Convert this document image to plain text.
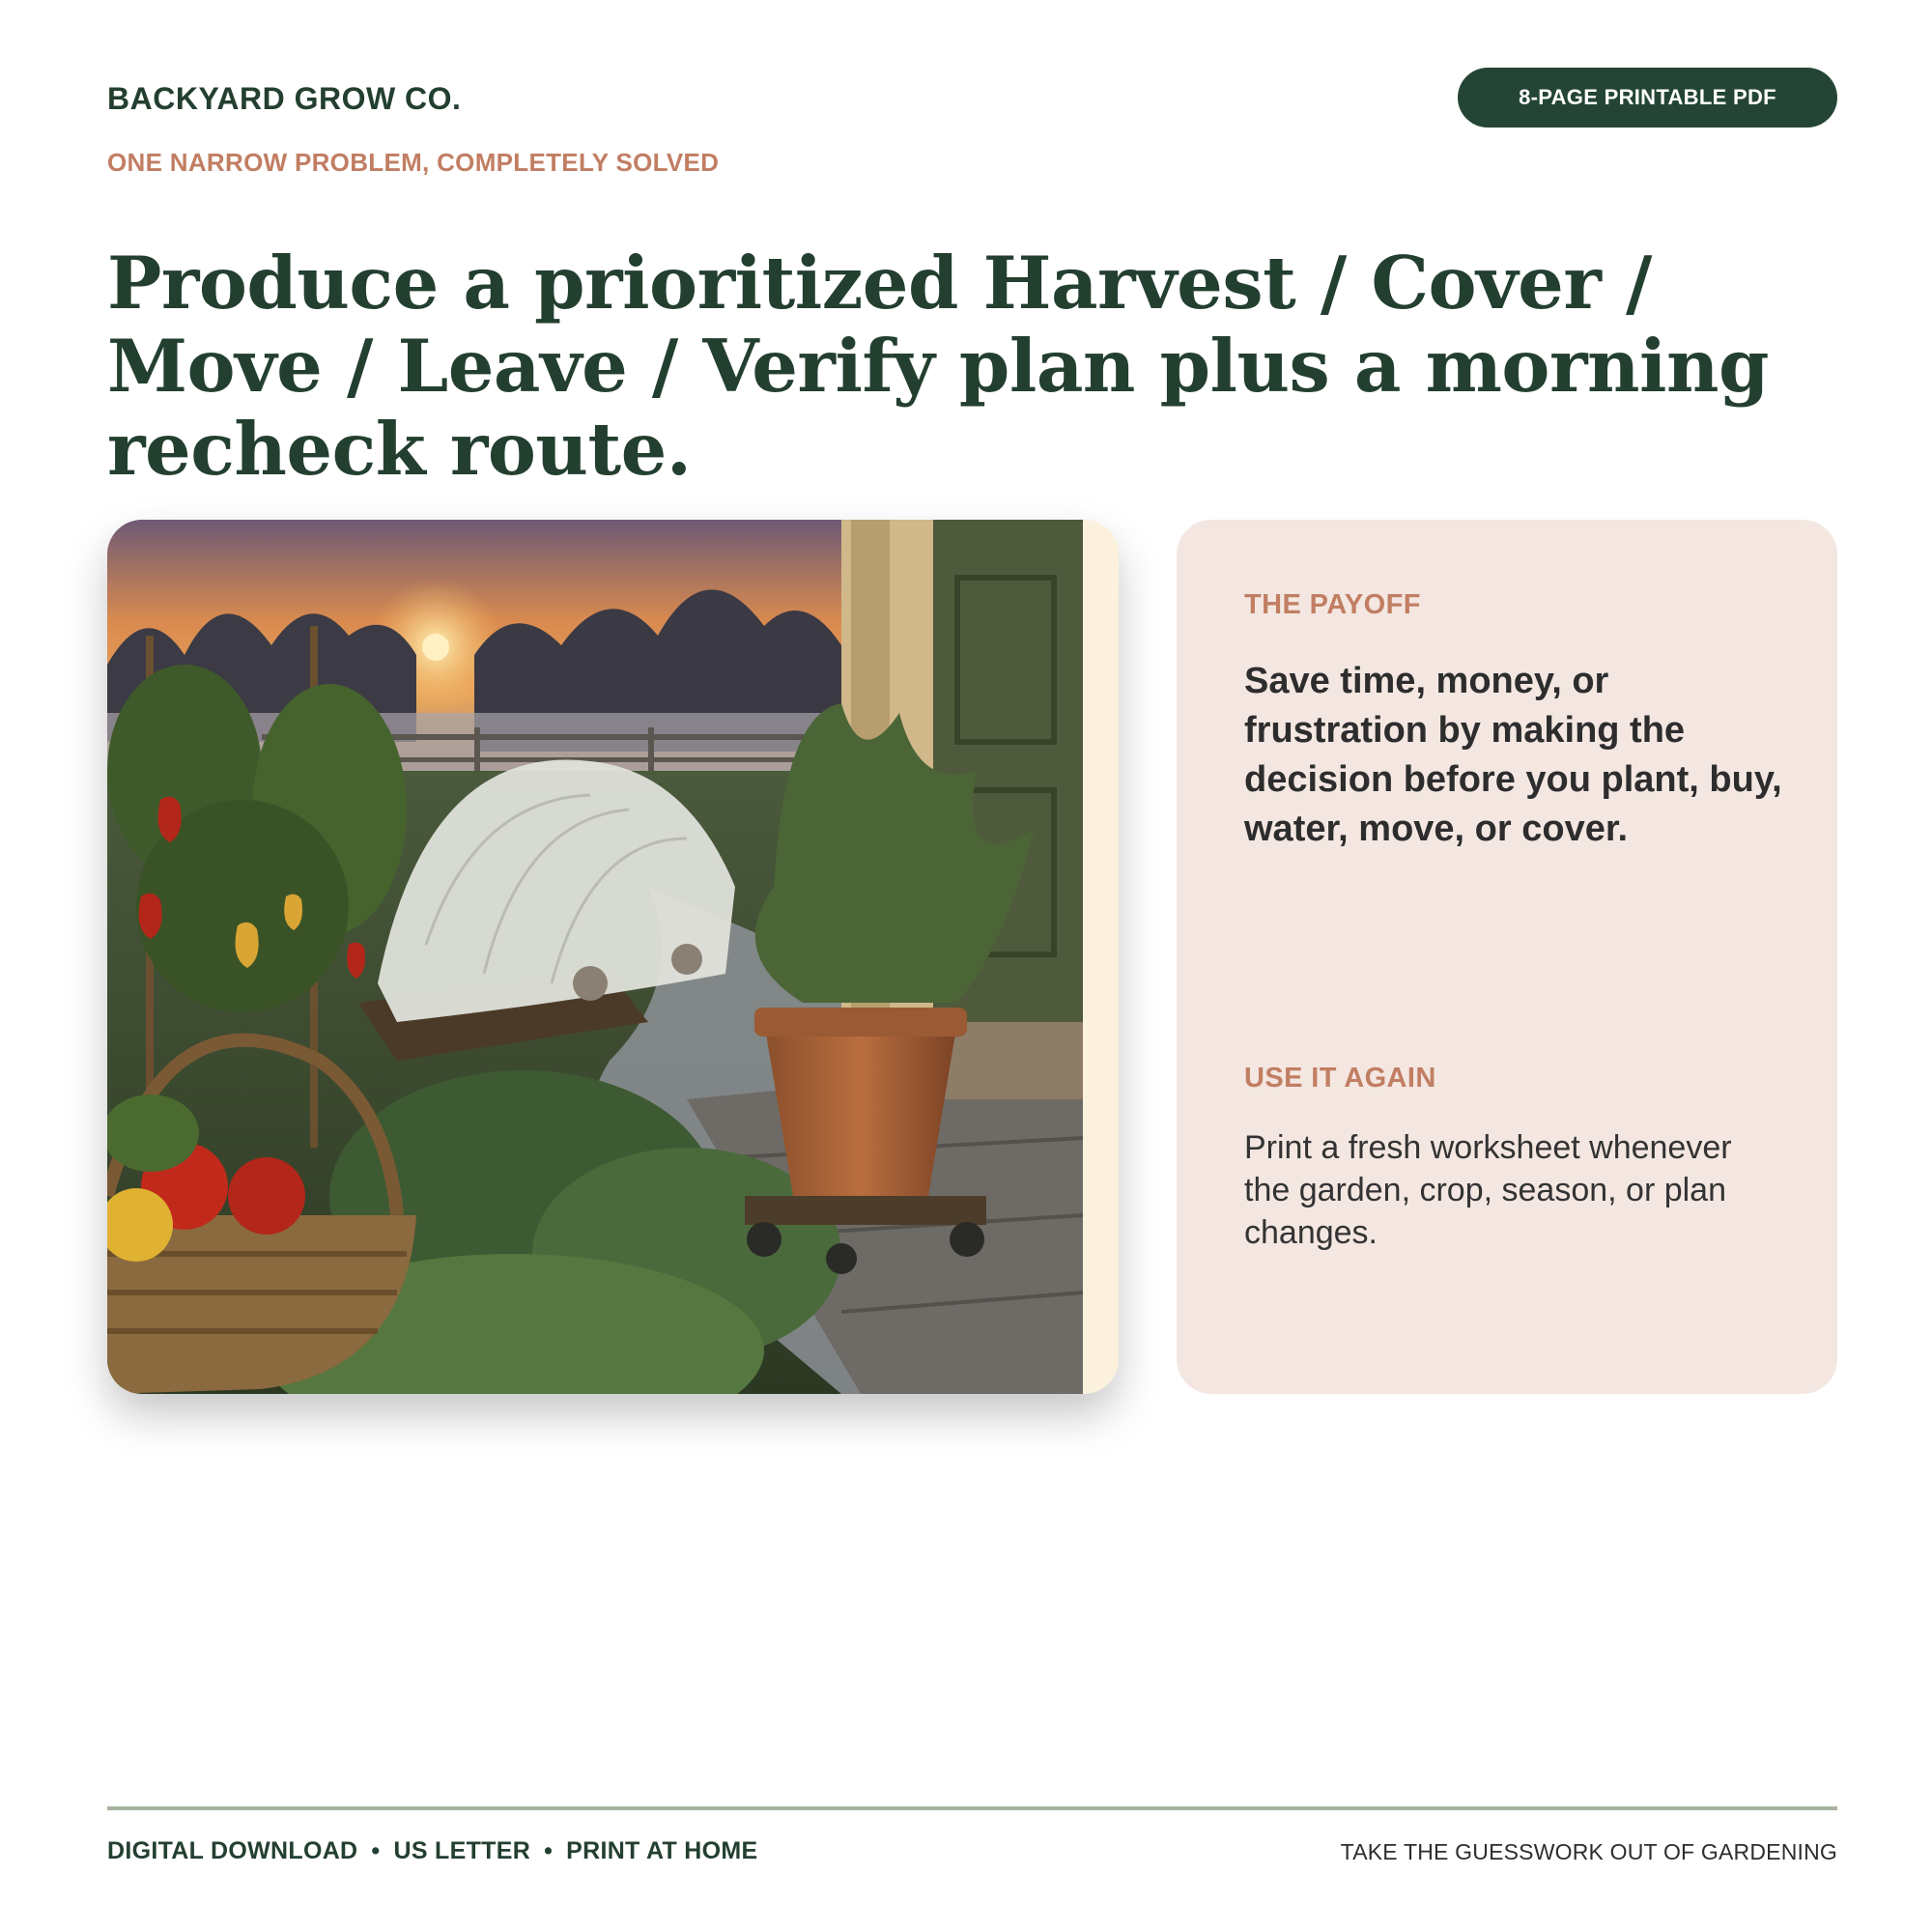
BACKYARD GROW CO.
ONE NARROW PROBLEM, COMPLETELY SOLVED
8-PAGE PRINTABLE PDF
Produce a prioritized Harvest / Cover / Move / Leave / Verify plan plus a morning recheck route.
THE PAYOFF
Save time, money, or frustration by making the decision before you plant, buy, water, move, or cover.
USE IT AGAIN
Print a fresh worksheet whenever the garden, crop, season, or plan changes.
DIGITAL DOWNLOAD • US LETTER • PRINT AT HOME	TAKE THE GUESSWORK OUT OF GARDENING
